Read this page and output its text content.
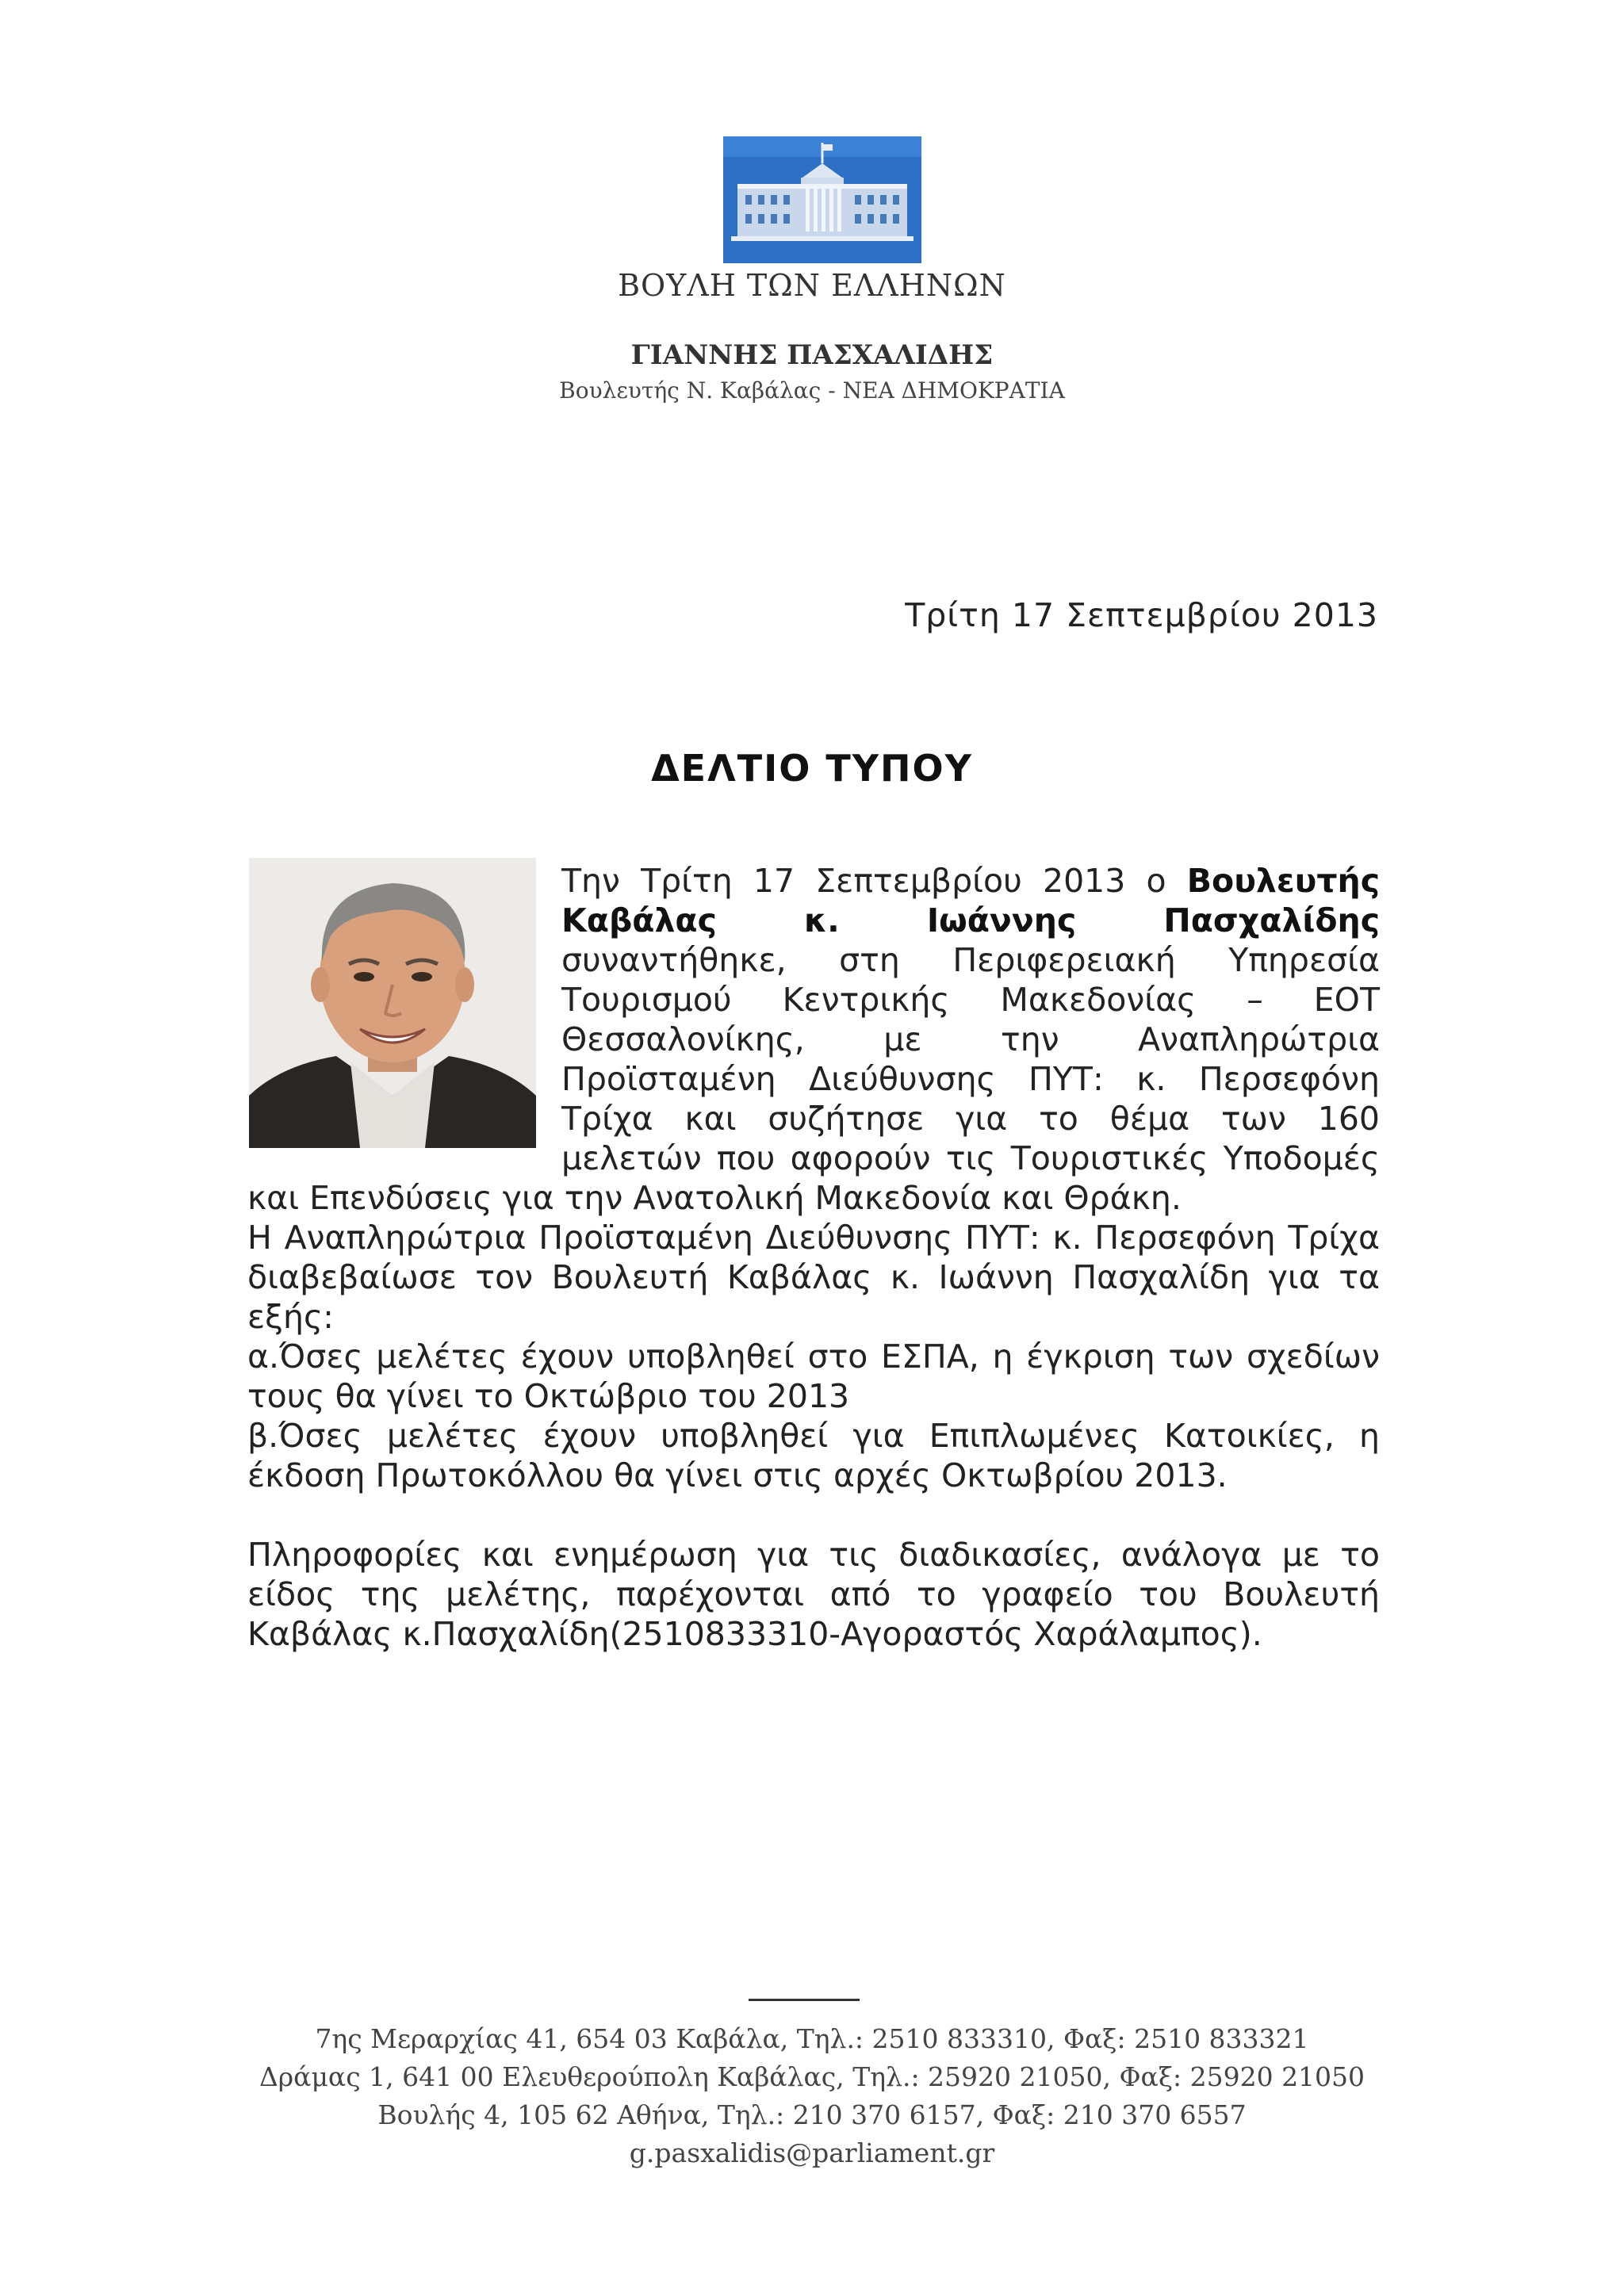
ΒΟΥΛΗ ΤΩΝ ΕΛΛΗΝΩΝ
ΓΙΑΝΝΗΣ ΠΑΣΧΑΛΙΔΗΣ
Βουλευτής Ν. Καβάλας - ΝΕΑ ΔΗΜΟΚΡΑΤΙΑ
Τρίτη 17 Σεπτεμβρίου 2013
ΔΕΛΤΙΟ ΤΥΠΟΥ

Την Τρίτη 17 Σεπτεμβρίου 2013 ο Βουλευτής Καβάλας κ. Ιωάννης Πασχαλίδης συναντήθηκε, στη Περιφερειακή Υπηρεσία Τουρισμού Κεντρικής Μακεδονίας – ΕΟΤ Θεσσαλονίκης, με την Αναπληρώτρια Προϊσταμένη Διεύθυνσης ΠΥΤ: κ. Περσεφόνη Τρίχα και συζήτησε για το θέμα των 160 μελετών που αφορούν τις Τουριστικές Υποδομές και Επενδύσεις για την Ανατολική Μακεδονία και Θράκη.

Η Αναπληρώτρια Προϊσταμένη Διεύθυνσης ΠΥΤ: κ. Περσεφόνη Τρίχα διαβεβαίωσε τον Βουλευτή Καβάλας κ. Ιωάννη Πασχαλίδη για τα εξής:

α.Όσες μελέτες έχουν υποβληθεί στο ΕΣΠΑ, η έγκριση των σχεδίων τους θα γίνει το Οκτώβριο του 2013

β.Όσες μελέτες έχουν υποβληθεί για Επιπλωμένες Κατοικίες, η έκδοση Πρωτοκόλλου θα γίνει στις αρχές Οκτωβρίου 2013.

Πληροφορίες και ενημέρωση για τις διαδικασίες, ανάλογα με το είδος της μελέτης, παρέχονται από το γραφείο του Βουλευτή Καβάλας κ.Πασχαλίδη(2510833310-Αγοραστός Χαράλαμπος).

7ης Μεραρχίας 41, 654 03 Καβάλα, Τηλ.: 2510 833310, Φαξ: 2510 833321
Δράμας 1, 641 00 Ελευθερούπολη Καβάλας, Τηλ.: 25920 21050, Φαξ: 25920 21050
Βουλής 4, 105 62 Αθήνα, Τηλ.: 210 370 6157, Φαξ: 210 370 6557
g.pasxalidis@parliament.gr
